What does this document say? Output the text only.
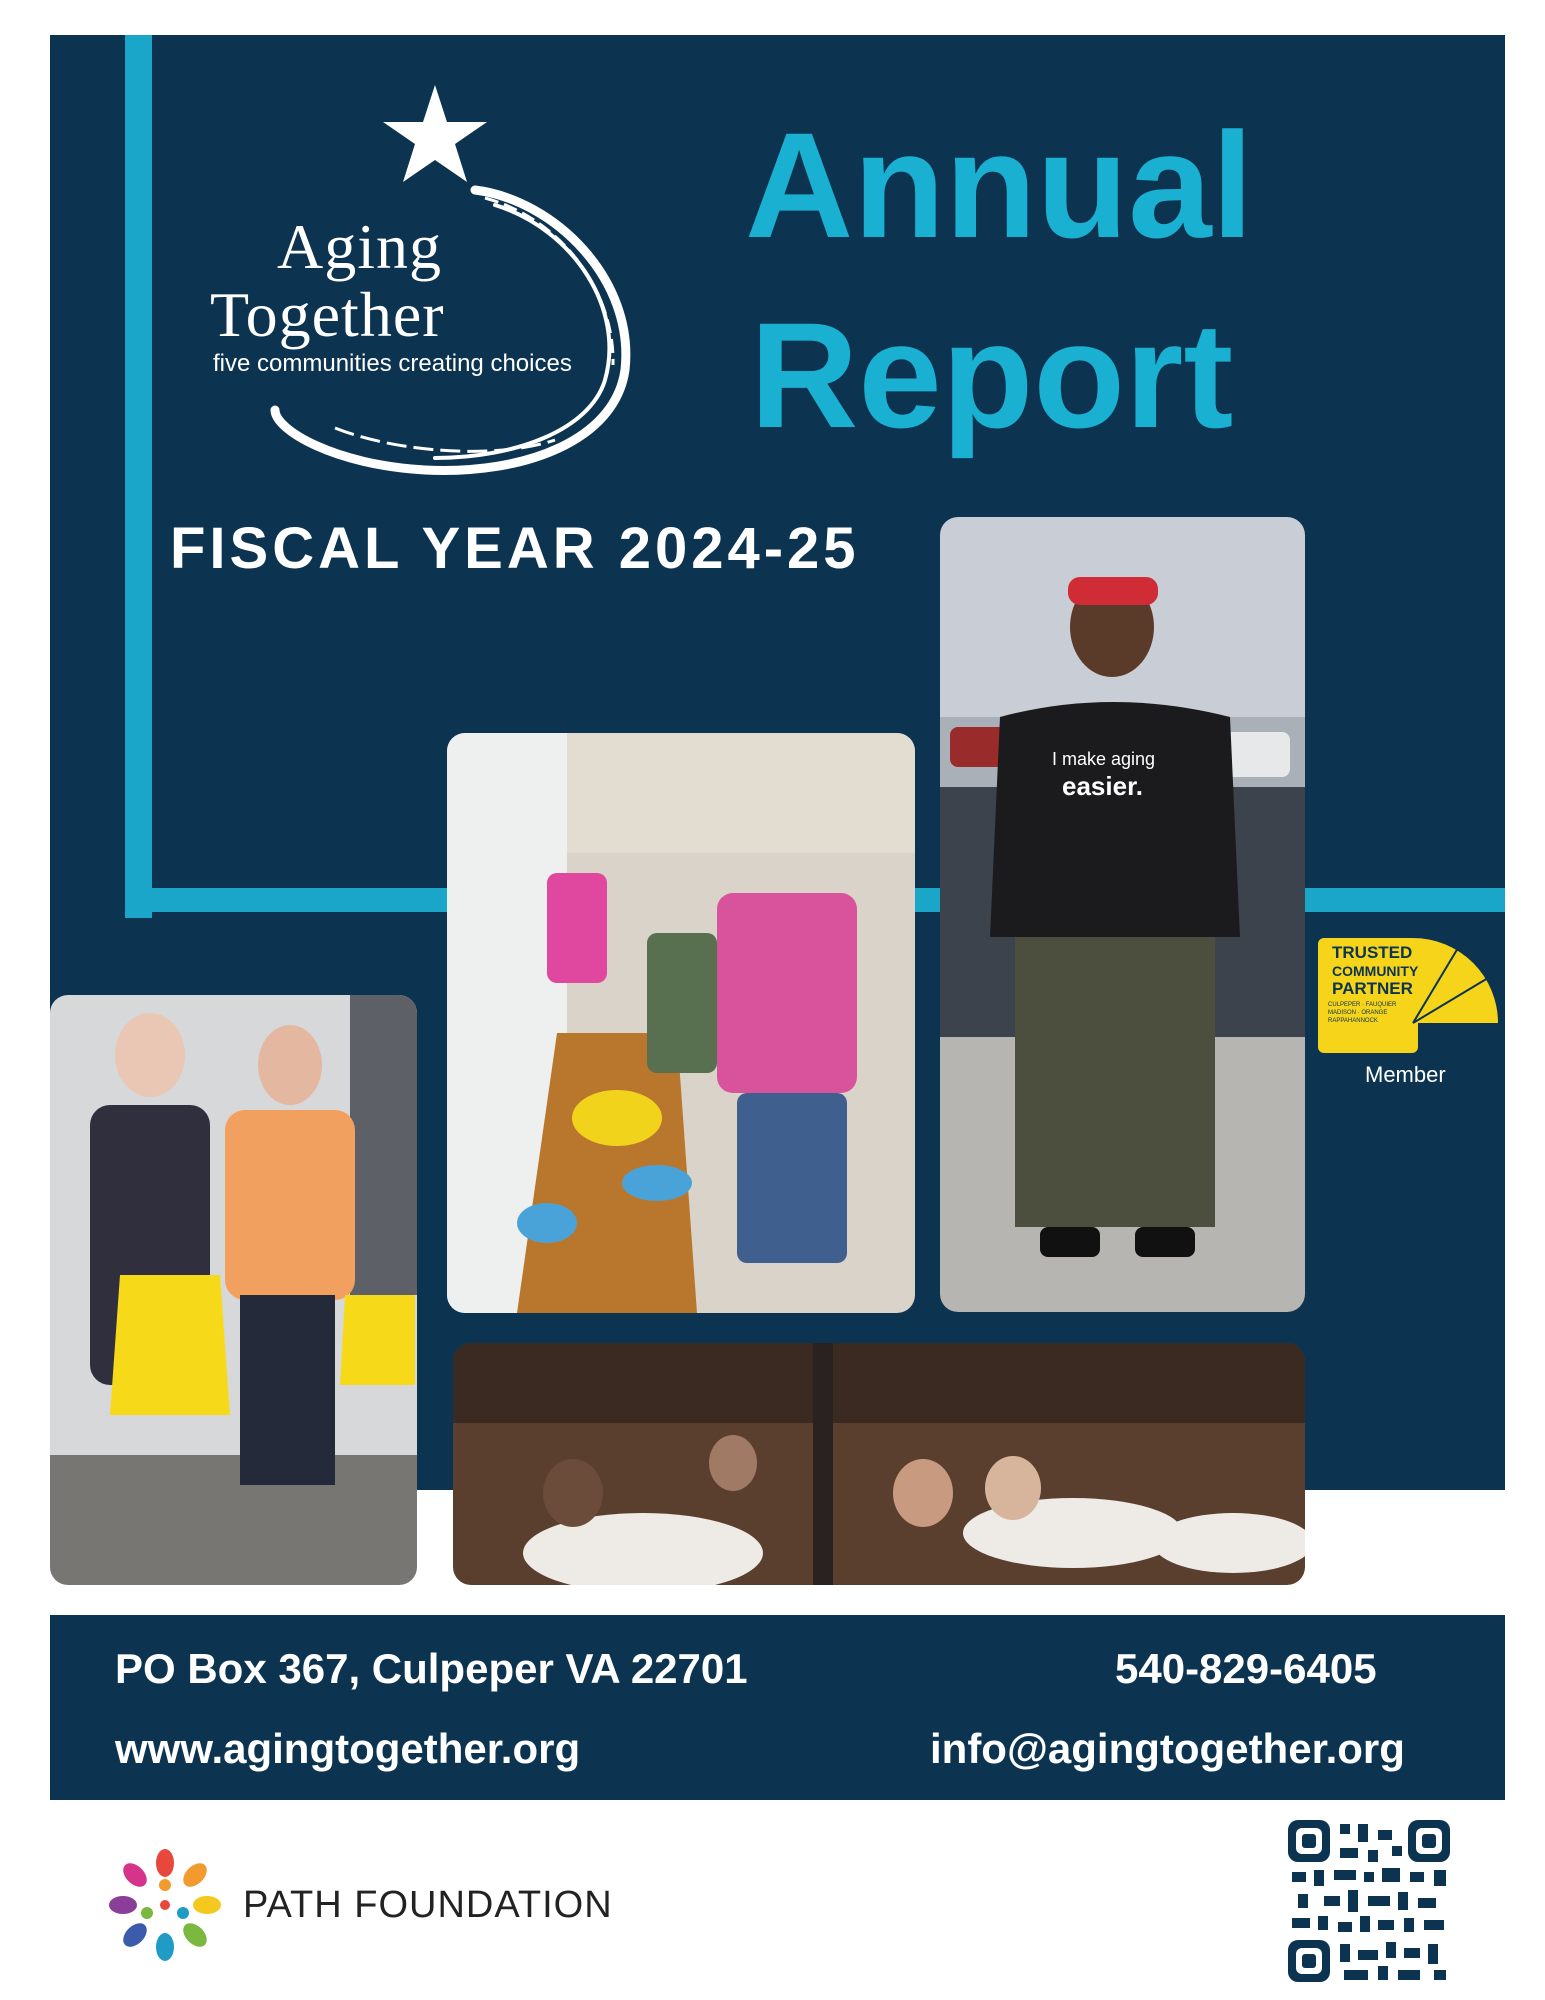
Aging
Together
five communities creating choices
Annual
Report
FISCAL YEAR 2024-25
I make aging
easier.
TRUSTED
COMMUNITY
PARTNER
CULPEPER · FAUQUIER
MADISON · ORANGE
RAPPAHANNOCK
Member
PO Box 367, Culpeper VA 22701	540-829-6405
www.agingtogether.org	info@agingtogether.org
PATH FOUNDATION
